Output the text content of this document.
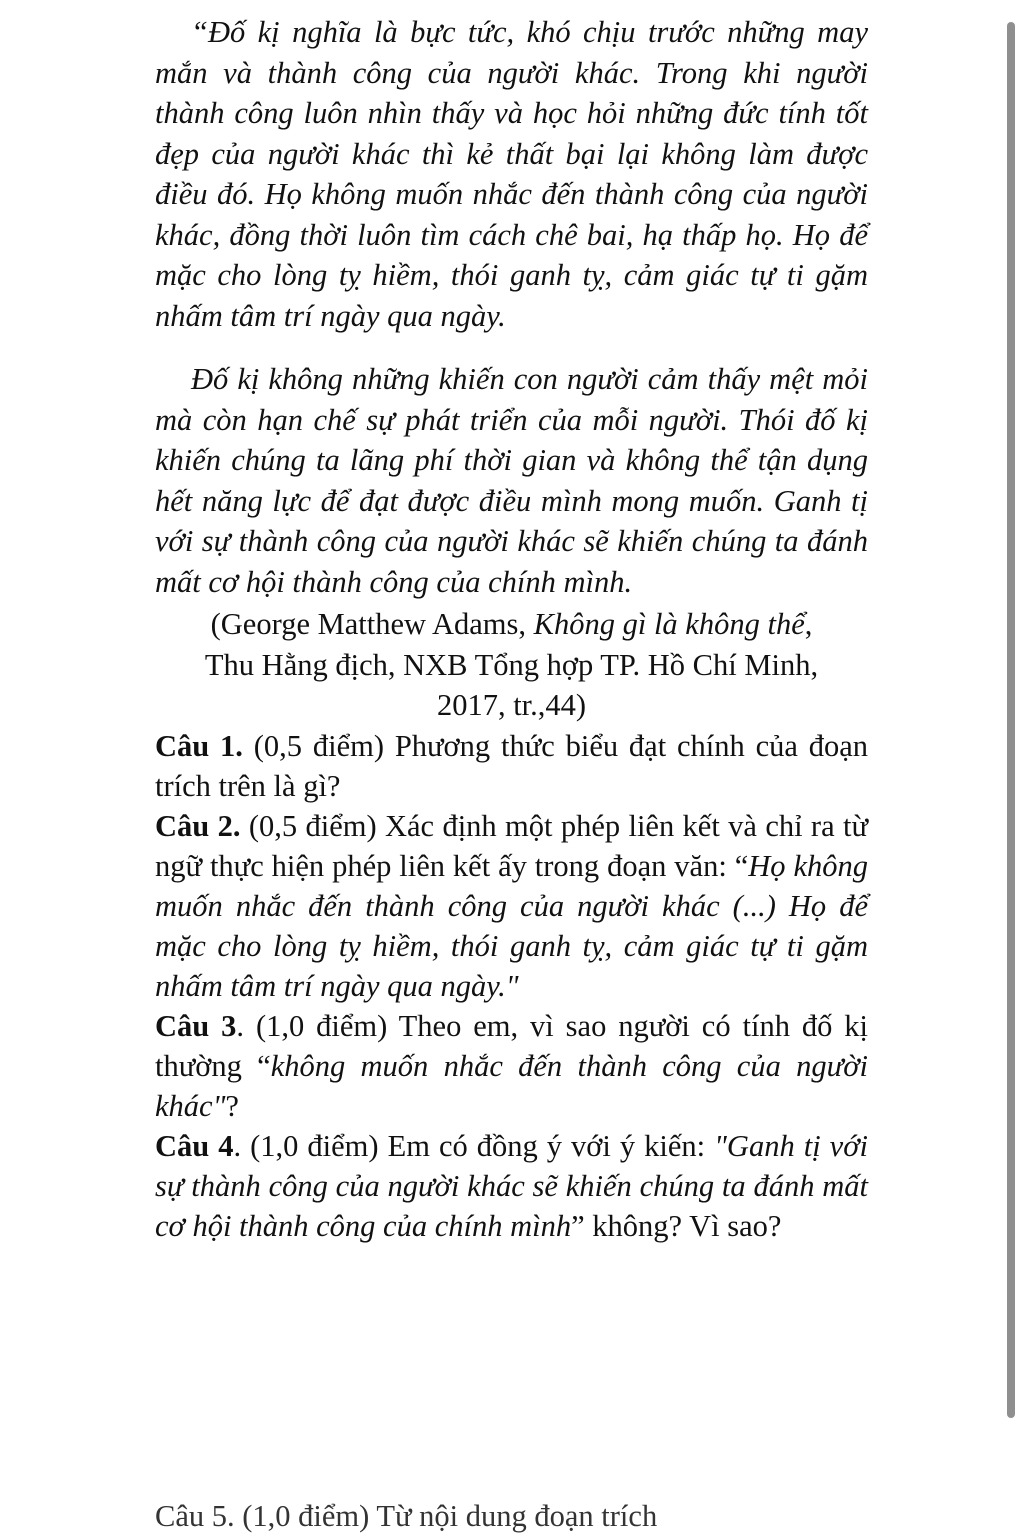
“Đố kị nghĩa là bực tức, khó chịu trước những may mắn và thành công của người khác. Trong khi người thành công luôn nhìn thấy và học hỏi những đức tính tốt đẹp của người khác thì kẻ thất bại lại không làm được điều đó. Họ không muốn nhắc đến thành công của người khác, đồng thời luôn tìm cách chê bai, hạ thấp họ. Họ để mặc cho lòng tỵ hiềm, thói ganh tỵ, cảm giác tự ti gặm nhấm tâm trí ngày qua ngày.

Đố kị không những khiến con người cảm thấy mệt mỏi mà còn hạn chế sự phát triển của mỗi người. Thói đố kị khiến chúng ta lãng phí thời gian và không thể tận dụng hết năng lực để đạt được điều mình mong muốn. Ganh tị với sự thành công của người khác sẽ khiến chúng ta đánh mất cơ hội thành công của chính mình.

(George Matthew Adams, Không gì là không thể,
Thu Hằng địch, NXB Tổng hợp TP. Hồ Chí Minh,
2017, tr.,44)

Câu 1. (0,5 điểm) Phương thức biểu đạt chính của đoạn trích trên là gì?

Câu 2. (0,5 điểm) Xác định một phép liên kết và chỉ ra từ ngữ thực hiện phép liên kết ấy trong đoạn văn: “Họ không muốn nhắc đến thành công của người khác (...) Họ để mặc cho lòng tỵ hiềm, thói ganh tỵ, cảm giác tự ti gặm nhấm tâm trí ngày qua ngày."

Câu 3. (1,0 điểm) Theo em, vì sao người có tính đố kị thường “không muốn nhắc đến thành công của người khác"?

Câu 4. (1,0 điểm) Em có đồng ý với ý kiến: "Ganh tị với sự thành công của người khác sẽ khiến chúng ta đánh mất cơ hội thành công của chính mình” không? Vì sao?

Câu 5. (1,0 điểm) Từ nội dung đoạn trích
